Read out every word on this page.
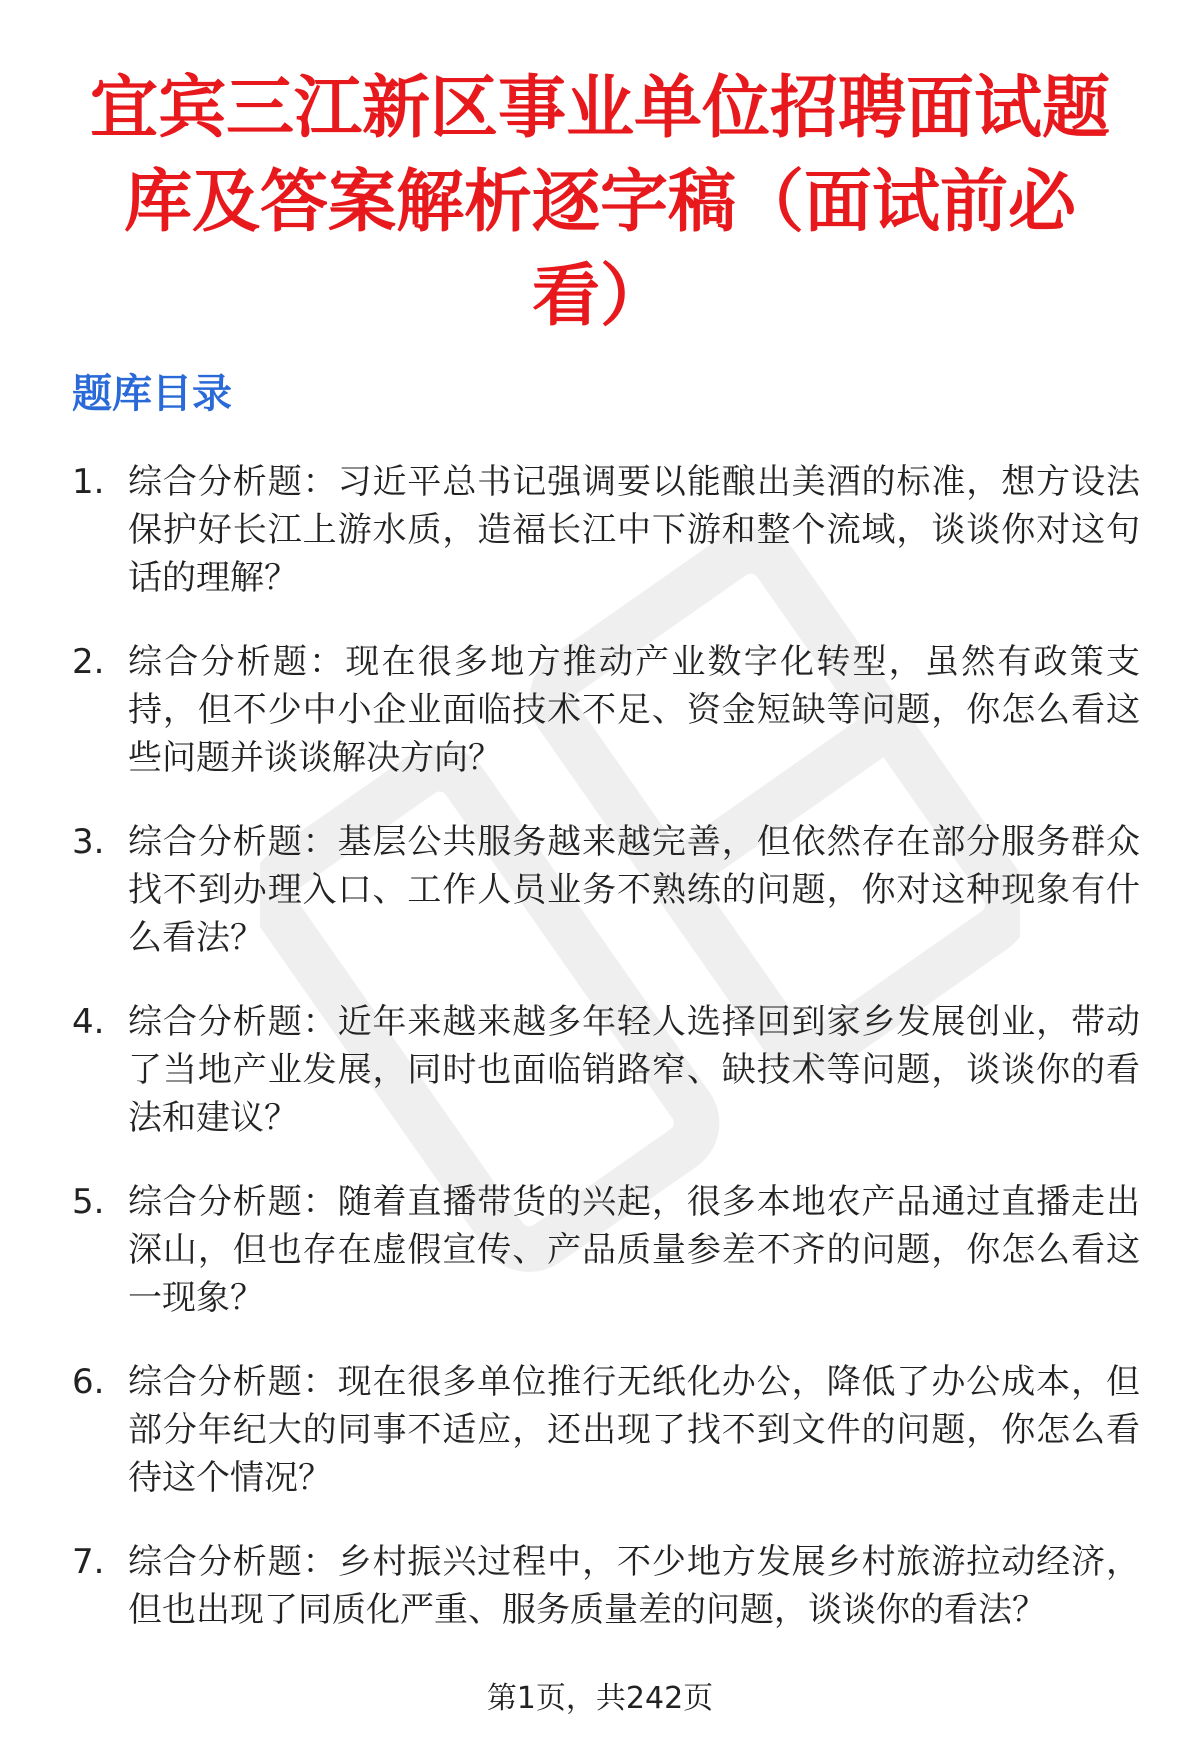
宜宾三江新区事业单位招聘面试题库及答案解析逐字稿（面试前必看）
题库目录
1. 综合分析题：习近平总书记强调要以能酿出美酒的标准，想方设法保护好长江上游水质，造福长江中下游和整个流域，谈谈你对这句话的理解？
2. 综合分析题：现在很多地方推动产业数字化转型，虽然有政策支持，但不少中小企业面临技术不足、资金短缺等问题，你怎么看这些问题并谈谈解决方向？
3. 综合分析题：基层公共服务越来越完善，但依然存在部分服务群众找不到办理入口、工作人员业务不熟练的问题，你对这种现象有什么看法？
4. 综合分析题：近年来越来越多年轻人选择回到家乡发展创业，带动了当地产业发展，同时也面临销路窄、缺技术等问题，谈谈你的看法和建议？
5. 综合分析题：随着直播带货的兴起，很多本地农产品通过直播走出深山，但也存在虚假宣传、产品质量参差不齐的问题，你怎么看这一现象？
6. 综合分析题：现在很多单位推行无纸化办公，降低了办公成本，但部分年纪大的同事不适应，还出现了找不到文件的问题，你怎么看待这个情况？
7. 综合分析题：乡村振兴过程中，不少地方发展乡村旅游拉动经济，但也出现了同质化严重、服务质量差的问题，谈谈你的看法？
第1页，共242页
